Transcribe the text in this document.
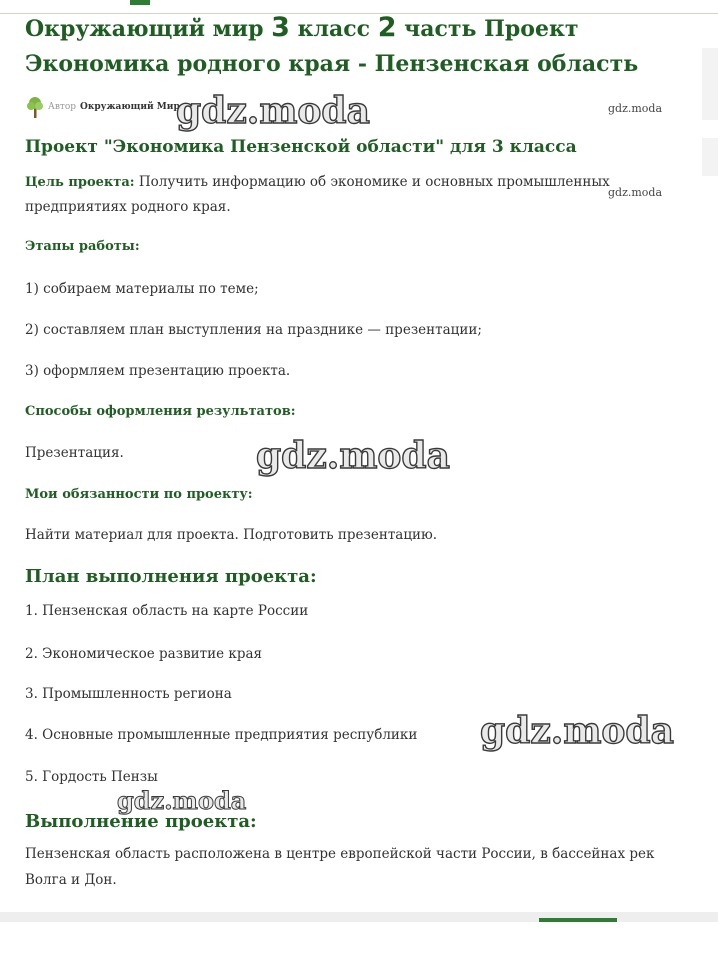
Окружающий мир 3 класс 2 часть Проект
Экономика родного края - Пензенская область
Автор Окружающий Мир
gdz.moda	gdz.moda
Проект "Экономика Пензенской области" для 3 класса
Цель проекта: Получить информацию об экономике и основных промышленных
предприятиях родного края.
gdz.moda
Этапы работы:
1) собираем материалы по теме;
2) составляем план выступления на празднике — презентации;
3) оформляем презентацию проекта.
Способы оформления результатов:
Презентация.	gdz.moda
Мои обязанности по проекту:
Найти материал для проекта. Подготовить презентацию.
План выполнения проекта:
1. Пензенская область на карте России
2. Экономическое развитие края
3. Промышленность региона
4. Основные промышленные предприятия республики
5. Гордость Пензы
gdz.moda
gdz.moda
Выполнение проекта:
Пензенская область расположена в центре европейской части России, в бассейнах рек
Волга и Дон.
